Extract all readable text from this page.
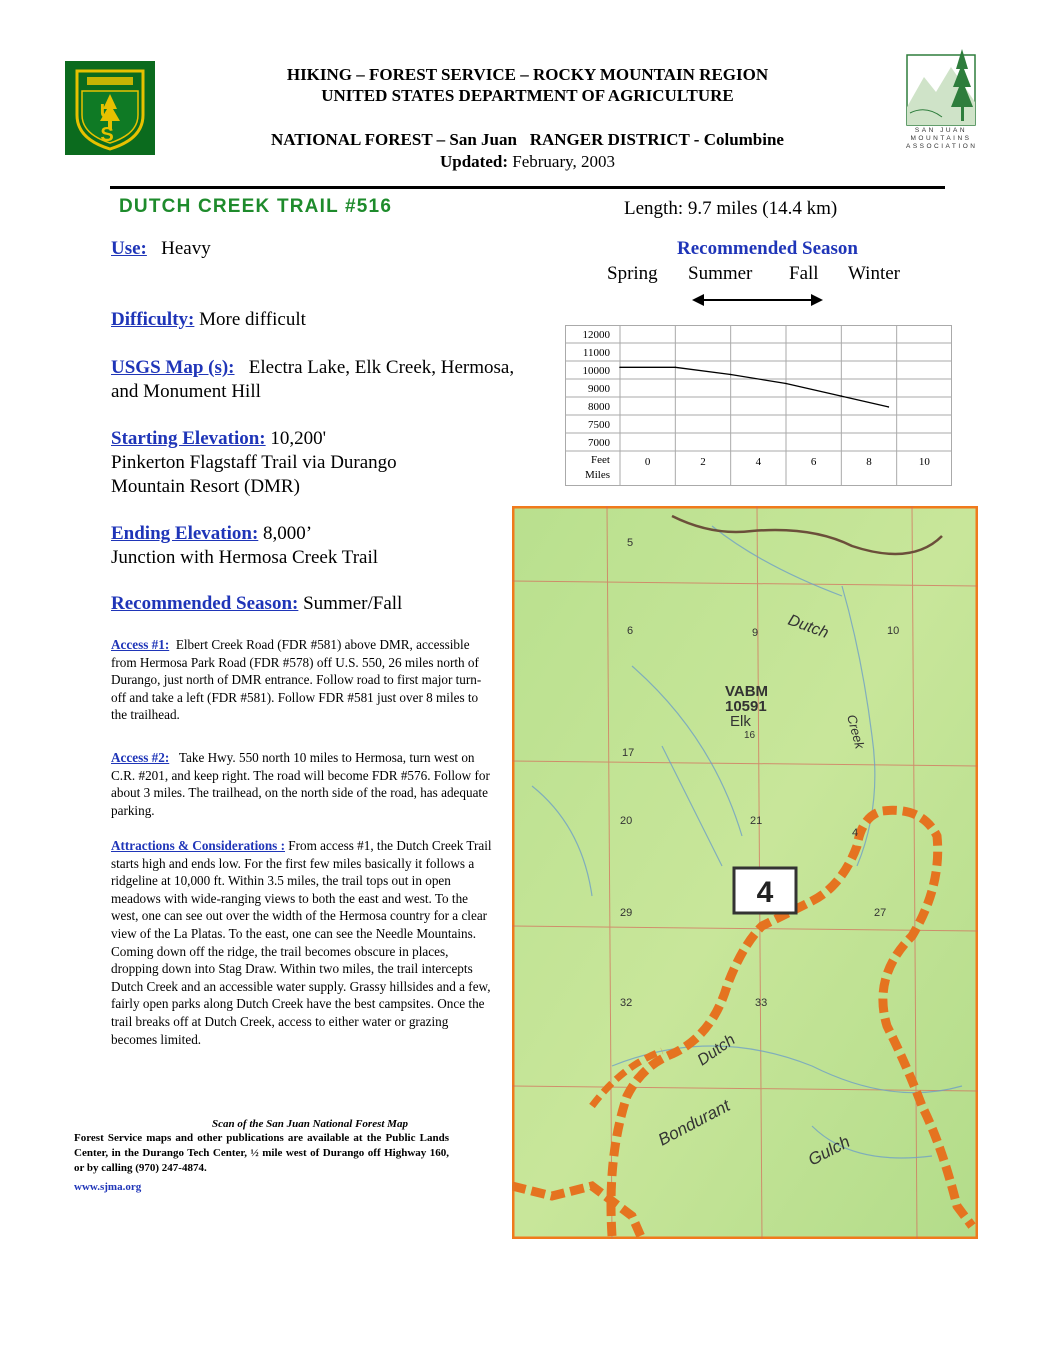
U S	SAN JUAN MOUNTAINS ASSOCIATION
HIKING – FOREST SERVICE – ROCKY MOUNTAIN REGION
UNITED STATES DEPARTMENT OF AGRICULTURE
NATIONAL FOREST – San Juan RANGER DISTRICT - Columbine
Updated: February, 2003
DUTCH CREEK TRAIL #516	Length: 9.7 miles (14.4 km)
Use: Heavy
Difficulty: More difficult
USGS Map (s): Electra Lake, Elk Creek, Hermosa,
and Monument Hill
Starting Elevation: 10,200'
Pinkerton Flagstaff Trail via Durango
Mountain Resort (DMR)
Ending Elevation: 8,000’
Junction with Hermosa Creek Trail
Recommended Season: Summer/Fall
Access #1: Elbert Creek Road (FDR #581) above DMR, accessible from Hermosa Park Road (FDR #578) off U.S. 550, 26 miles north of Durango, just north of DMR entrance. Follow road to first major turn-off and take a left (FDR #581). Follow FDR #581 just over 8 miles to the trailhead.
Access #2: Take Hwy. 550 north 10 miles to Hermosa, turn west on C.R. #201, and keep right. The road will become FDR #576. Follow for about 3 miles. The trailhead, on the north side of the road, has adequate parking.
Attractions & Considerations : From access #1, the Dutch Creek Trail starts high and ends low. For the first few miles basically it follows a ridgeline at 10,000 ft. Within 3.5 miles, the trail tops out in open meadows with wide-ranging views to both the east and west. To the west, one can see out over the width of the Hermosa country for a clear view of the La Platas. To the east, one can see the Needle Mountains. Coming down off the ridge, the trail becomes obscure in places, dropping down into Stag Draw. Within two miles, the trail intercepts Dutch Creek and an accessible water supply. Grassy hillsides and a few, fairly open parks along Dutch Creek have the best campsites. Once the trail breaks off at Dutch Creek, access to either water or grazing becomes limited.
Scan of the San Juan National Forest Map
Forest Service maps and other publications are available at the Public Lands Center, in the Durango Tech Center, ½ mile west of Durango off Highway 160, or by calling (970) 247-4874.
www.sjma.org
Recommended Season
Spring Summer Fall Winter
12000
11000
10000
9000
8000
7500
7000
Feet
Miles
0	2	4	6	8	10
4
5
6	9	10
Dutch
VABM
10591
Elk
16
17
20	21
4
29	27
32	33
Bondurant
Gulch
Creek
Dutch
